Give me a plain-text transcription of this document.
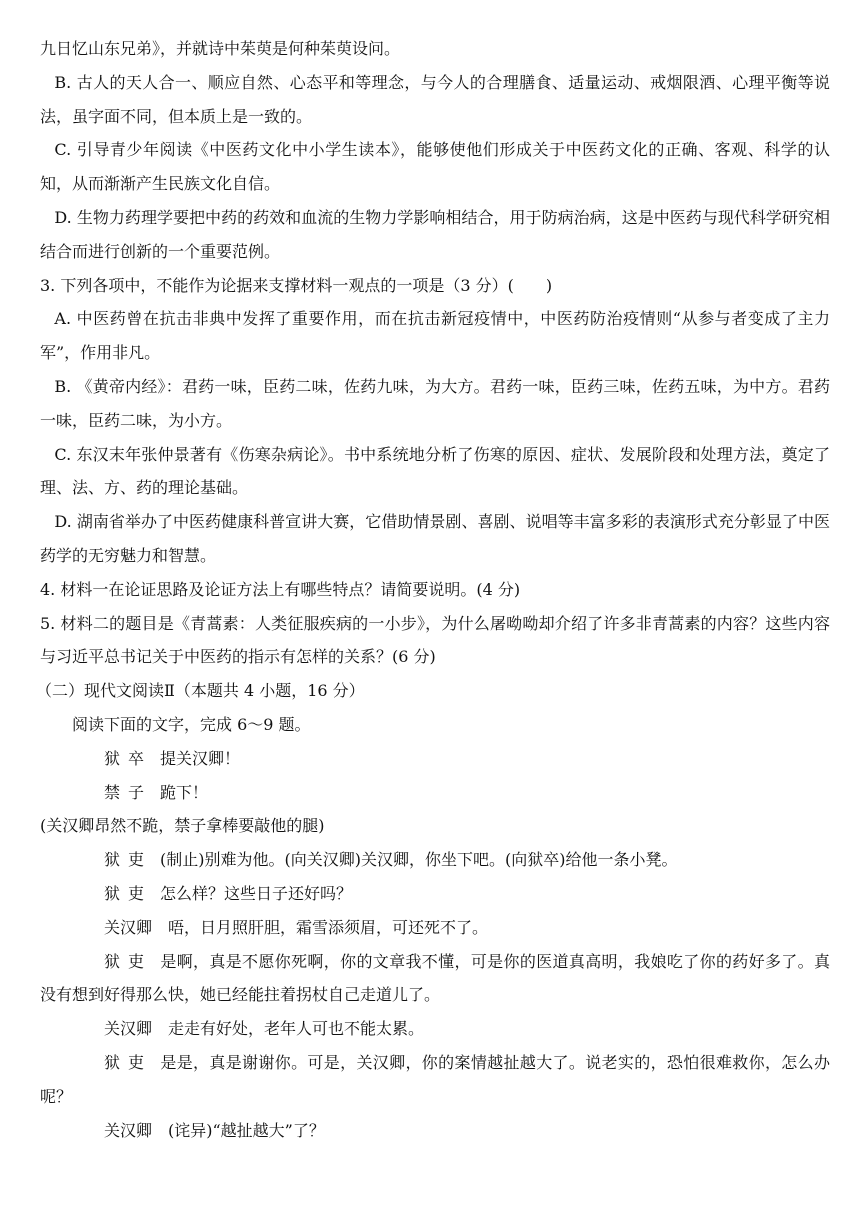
九日忆山东兄弟》，并就诗中茱萸是何种茱萸设问。

B. 古人的天人合一、顺应自然、心态平和等理念，与今人的合理膳食、适量运动、戒烟限酒、心理平衡等说法，虽字面不同，但本质上是一致的。

C. 引导青少年阅读《中医药文化中小学生读本》，能够使他们形成关于中医药文化的正确、客观、科学的认知，从而渐渐产生民族文化自信。

D. 生物力药理学要把中药的药效和血流的生物力学影响相结合，用于防病治病，这是中医药与现代科学研究相结合而进行创新的一个重要范例。

3. 下列各项中，不能作为论据来支撑材料一观点的一项是（3 分）(　　)

A. 中医药曾在抗击非典中发挥了重要作用，而在抗击新冠疫情中，中医药防治疫情则“从参与者变成了主力军”，作用非凡。

B. 《黄帝内经》：君药一味，臣药二味，佐药九味，为大方。君药一味，臣药三味，佐药五味，为中方。君药一味，臣药二味，为小方。

C. 东汉末年张仲景著有《伤寒杂病论》。书中系统地分析了伤寒的原因、症状、发展阶段和处理方法，奠定了理、法、方、药的理论基础。

D. 湖南省举办了中医药健康科普宣讲大赛，它借助情景剧、喜剧、说唱等丰富多彩的表演形式充分彰显了中医药学的无穷魅力和智慧。

4. 材料一在论证思路及论证方法上有哪些特点？请简要说明。(4 分)

5. 材料二的题目是《青蒿素：人类征服疾病的一小步》，为什么屠呦呦却介绍了许多非青蒿素的内容？这些内容与习近平总书记关于中医药的指示有怎样的关系？(6 分)

（二）现代文阅读Ⅱ（本题共 4 小题，16 分）

阅读下面的文字，完成 6～9 题。

狱卒 提关汉卿！

禁子 跪下！

(关汉卿昂然不跪，禁子拿棒要敲他的腿)

狱吏 (制止)别难为他。(向关汉卿)关汉卿，你坐下吧。(向狱卒)给他一条小凳。

狱吏 怎么样？这些日子还好吗？

关汉卿 唔，日月照肝胆，霜雪添须眉，可还死不了。

狱吏 是啊，真是不愿你死啊，你的文章我不懂，可是你的医道真高明，我娘吃了你的药好多了。真没有想到好得那么快，她已经能拄着拐杖自己走道儿了。

关汉卿 走走有好处，老年人可也不能太累。

狱吏 是是，真是谢谢你。可是，关汉卿，你的案情越扯越大了。说老实的，恐怕很难救你，怎么办呢？

关汉卿 (诧异)“越扯越大”了？
